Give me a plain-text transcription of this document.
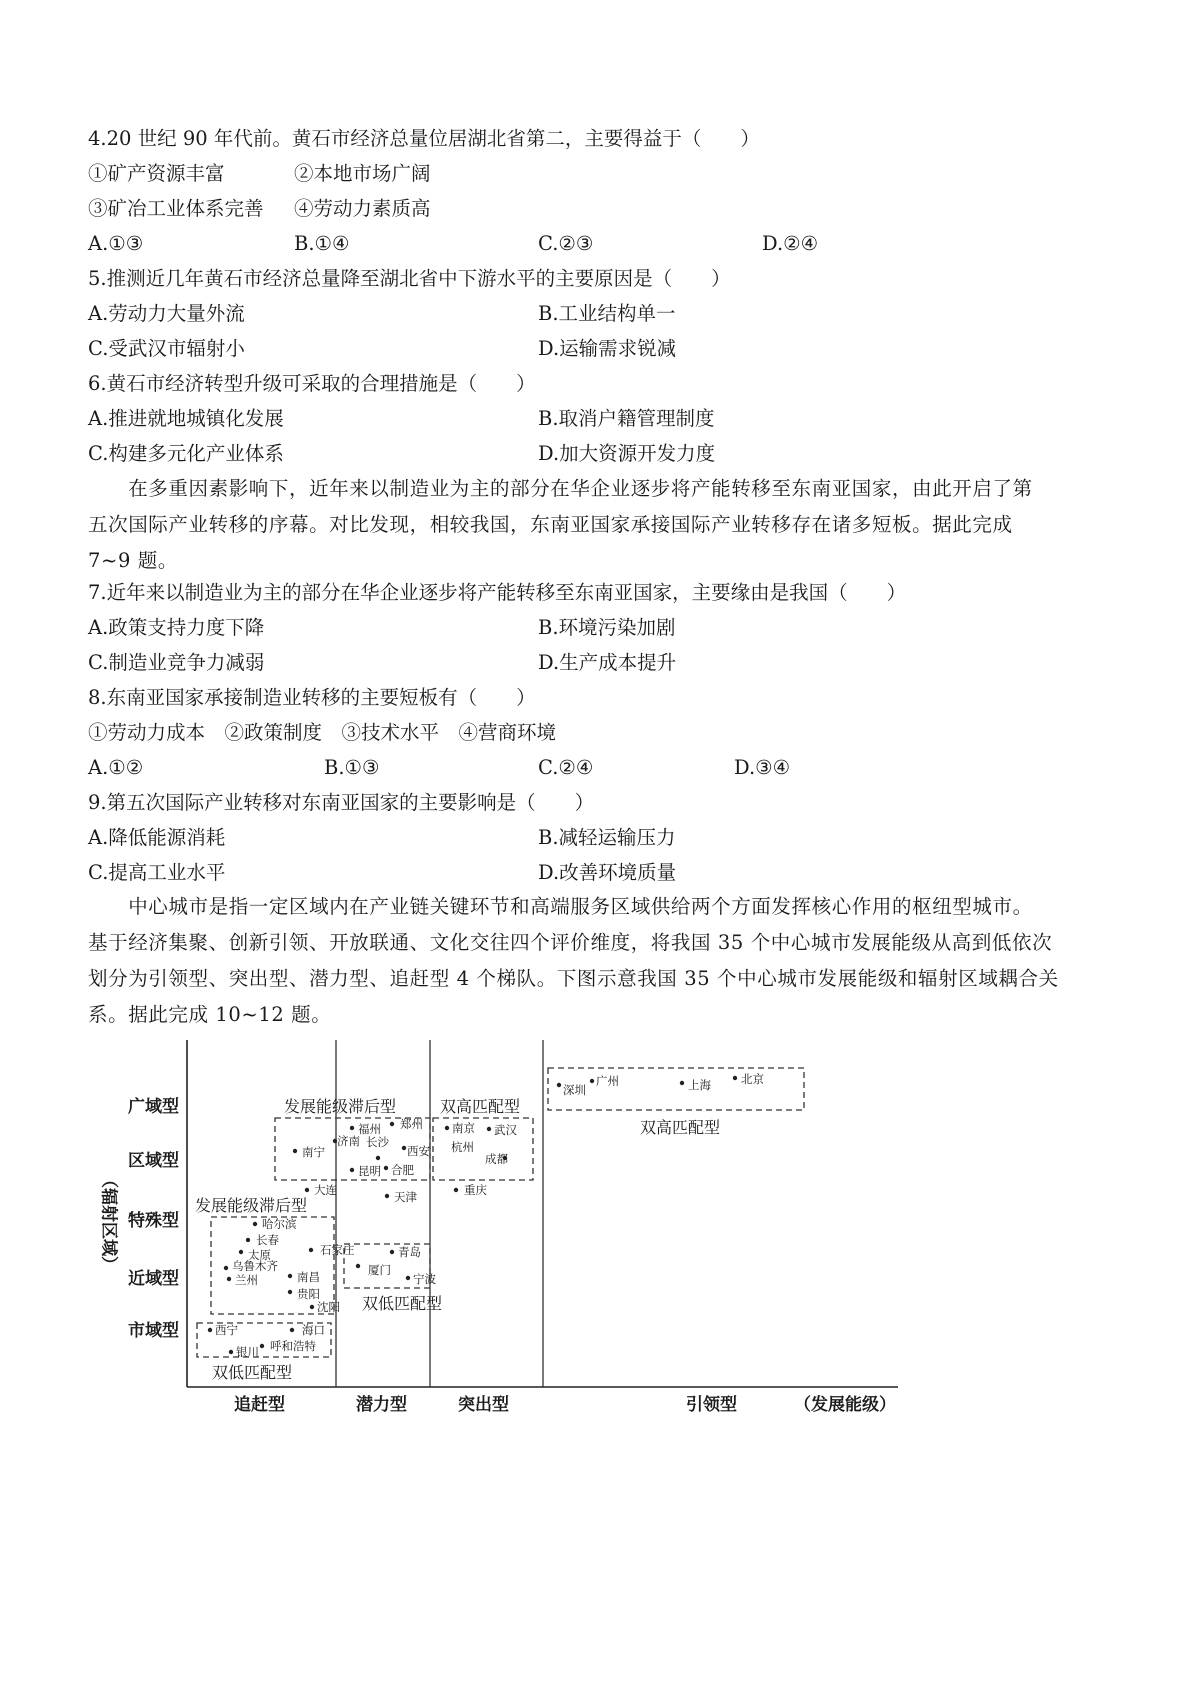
4.20 世纪 90 年代前。黄石市经济总量位居湖北省第二，主要得益于（　　）
①矿产资源丰富	②本地市场广阔
③矿冶工业体系完善 ④劳动力素质高
A.①③	B.①④	C.②③	D.②④
5.推测近几年黄石市经济总量降至湖北省中下游水平的主要原因是（　　）
A.劳动力大量外流	B.工业结构单一
C.受武汉市辐射小	D.运输需求锐减
6.黄石市经济转型升级可采取的合理措施是（　　）
A.推进就地城镇化发展	B.取消户籍管理制度
C.构建多元化产业体系	D.加大资源开发力度
　　在多重因素影响下，近年来以制造业为主的部分在华企业逐步将产能转移至东南亚国家，由此开启了第
五次国际产业转移的序幕。对比发现，相较我国，东南亚国家承接国际产业转移存在诸多短板。据此完成
7~9 题。
7.近年来以制造业为主的部分在华企业逐步将产能转移至东南亚国家，主要缘由是我国（　　）
A.政策支持力度下降	B.环境污染加剧
C.制造业竞争力减弱	D.生产成本提升
8.东南亚国家承接制造业转移的主要短板有（　　）
①劳动力成本　②政策制度　③技术水平　④营商环境
A.①②	B.①③	C.②④	D.③④
9.第五次国际产业转移对东南亚国家的主要影响是（　　）
A.降低能源消耗	B.减轻运输压力
C.提高工业水平	D.改善环境质量
　　中心城市是指一定区域内在产业链关键环节和高端服务区域供给两个方面发挥核心作用的枢纽型城市。
基于经济集聚、创新引领、开放联通、文化交往四个评价维度，将我国 35 个中心城市发展能级从高到低依次
划分为引领型、突出型、潜力型、追赶型 4 个梯队。下图示意我国 35 个中心城市发展能级和辐射区域耦合关
系。据此完成 10~12 题。
（辐射区域）
广域型
区域型
特殊型
近域型
市域型
追赶型	潜力型	突出型	引领型	（发展能级）
双高匹配型
发展能级滞后型	双高匹配型
发展能级滞后型
双低匹配型
双低匹配型
深圳
广州	上海	北京
南京 武汉
杭州
成都
重庆
福州 郑州
济南 长沙
西安
南宁
昆明 合肥
大连	天津
哈尔滨
长春
太原	石家庄
乌鲁木齐
兰州	南昌
贵阳
沈阳
青岛
厦门
宁波
西宁	海口
银川 呼和浩特
